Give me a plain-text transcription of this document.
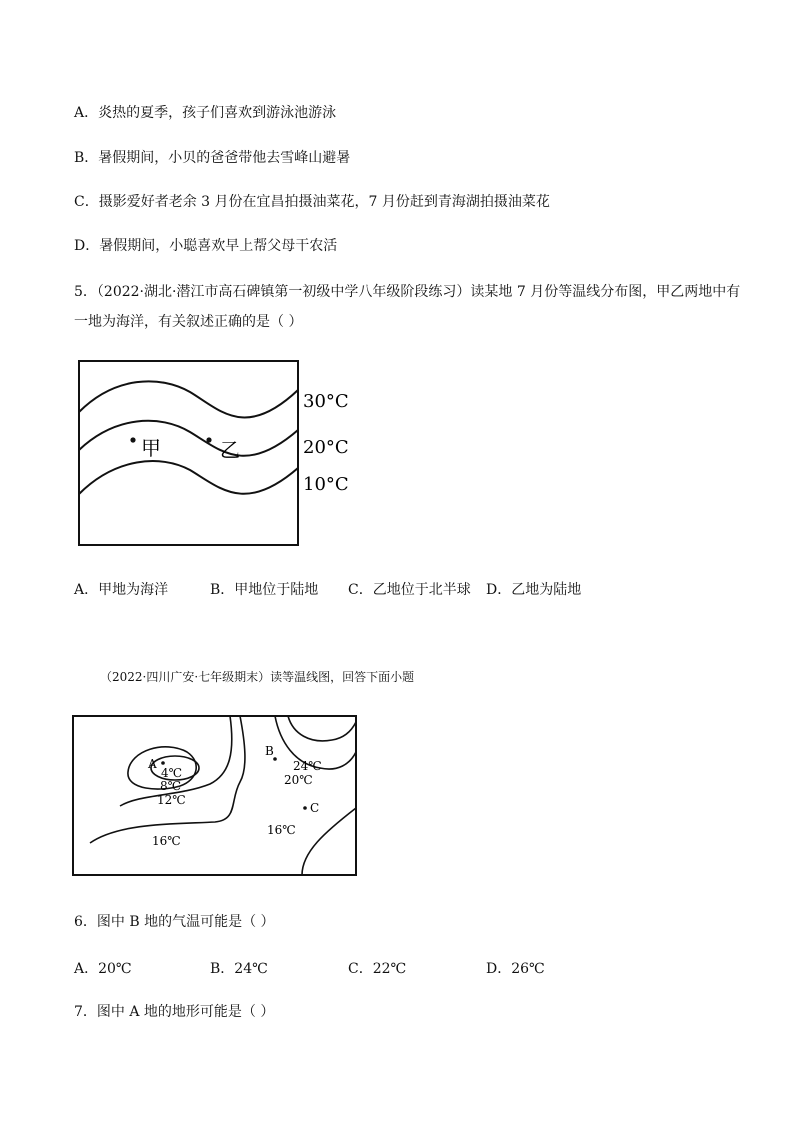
A．炎热的夏季，孩子们喜欢到游泳池游泳
B．暑假期间，小贝的爸爸带他去雪峰山避暑
C．摄影爱好者老余 3 月份在宜昌拍摄油菜花，7 月份赶到青海湖拍摄油菜花
D．暑假期间，小聪喜欢早上帮父母干农活
5．（2022·湖北·潜江市高石碑镇第一初级中学八年级阶段练习）读某地 7 月份等温线分布图，甲乙两地中有
一地为海洋，有关叙述正确的是（ ）
甲	乙
30°C
20°C
10°C
A．甲地为海洋	B．甲地位于陆地 C．乙地位于北半球 D．乙地为陆地
（2022·四川广安·七年级期末）读等温线图，回答下面小题
A
B
C
4℃
8℃
12℃
16℃
16℃
20℃
24℃
6．图中 B 地的气温可能是（ ）
A．20℃	B．24℃	C．22℃	D．26℃
7．图中 A 地的地形可能是（ ）
